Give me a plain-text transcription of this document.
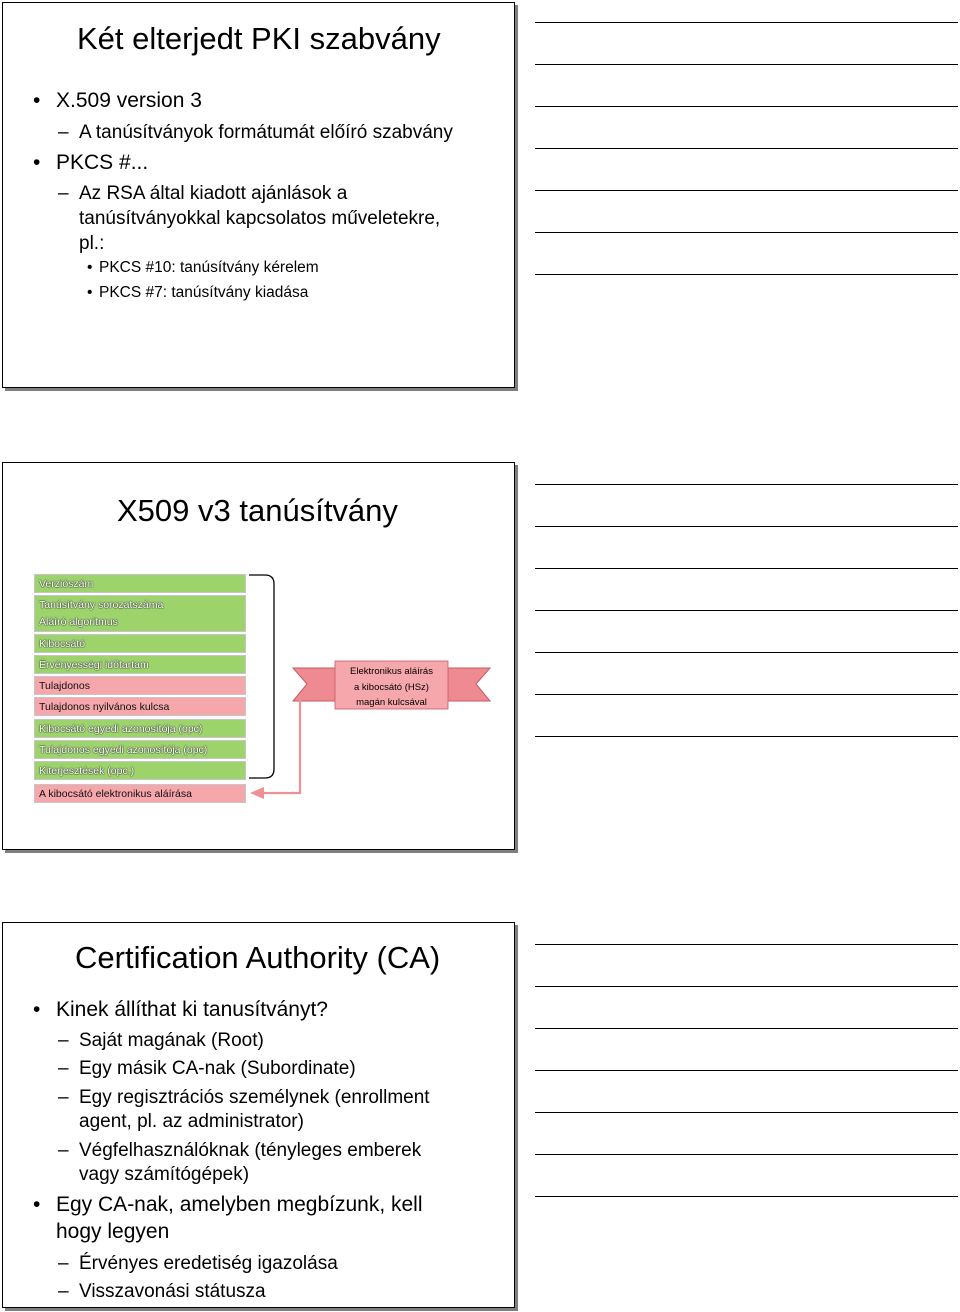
Két elterjedt PKI szabvány
• X.509 version 3
– A tanúsítványok formátumát előíró szabvány
• PKCS #...
– Az RSA által kiadott ajánlások a
tanúsítványokkal kapcsolatos műveletekre,
pl.:
• PKCS #10: tanúsítvány kérelem
• PKCS #7: tanúsítvány kiadása
X509 v3 tanúsítvány
Verziószám
Tanúsítvány sorozatszáma
Aláíró algoritmus
Kibocsátó
Érvényességi időtartam
Tulajdonos
Tulajdonos nyilvános kulcsa
Kibocsátó egyedi azonosítója (opc)
Tulajdonos egyedi azonosítója (opc)
Kiterjesztések (opc.)
A kibocsátó elektronikus aláírása
Elektronikus aláírás
a kibocsátó (HSz)
magán kulcsával
Certification Authority (CA)
• Kinek állíthat ki tanusítványt?
– Saját magának (Root)
– Egy másik CA-nak (Subordinate)
– Egy regisztrációs személynek (enrollment
agent, pl. az administrator)
– Végfelhasználóknak (tényleges emberek
vagy számítógépek)
• Egy CA-nak, amelyben megbízunk, kell
hogy legyen
– Érvényes eredetiség igazolása
– Visszavonási státusza
